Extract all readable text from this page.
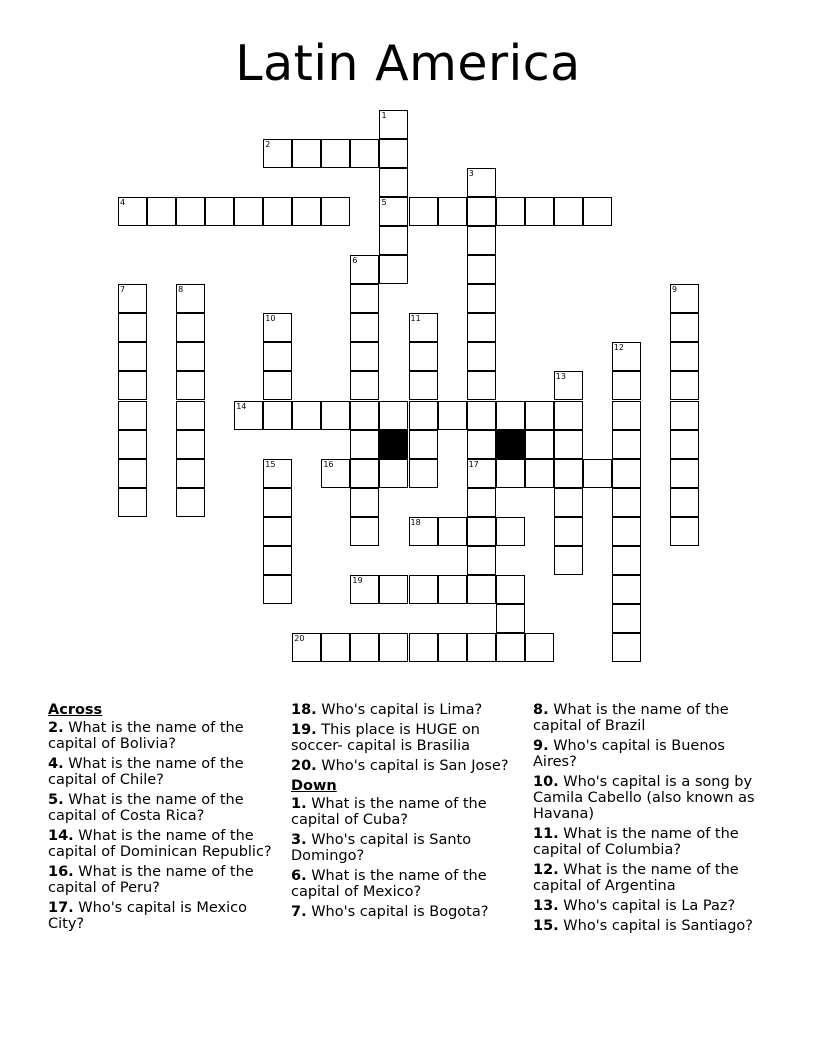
Latin America
1
2
3
4	5
6
7	8	9
10	11
12
13
14
15	16	17
18
19
20
Across
2. What is the name of the capital of Bolivia?
4. What is the name of the capital of Chile?
5. What is the name of the capital of Costa Rica?
14. What is the name of the capital of Dominican Republic?
16. What is the name of the capital of Peru?
17. Who's capital is Mexico City?
18. Who's capital is Lima?
19. This place is HUGE on soccer- capital is Brasilia
20. Who's capital is San Jose?
Down
1. What is the name of the capital of Cuba?
3. Who's capital is Santo Domingo?
6. What is the name of the capital of Mexico?
7. Who's capital is Bogota?
8. What is the name of the capital of Brazil
9. Who's capital is Buenos Aires?
10. Who's capital is a song by Camila Cabello (also known as Havana)
11. What is the name of the capital of Columbia?
12. What is the name of the capital of Argentina
13. Who's capital is La Paz?
15. Who's capital is Santiago?
